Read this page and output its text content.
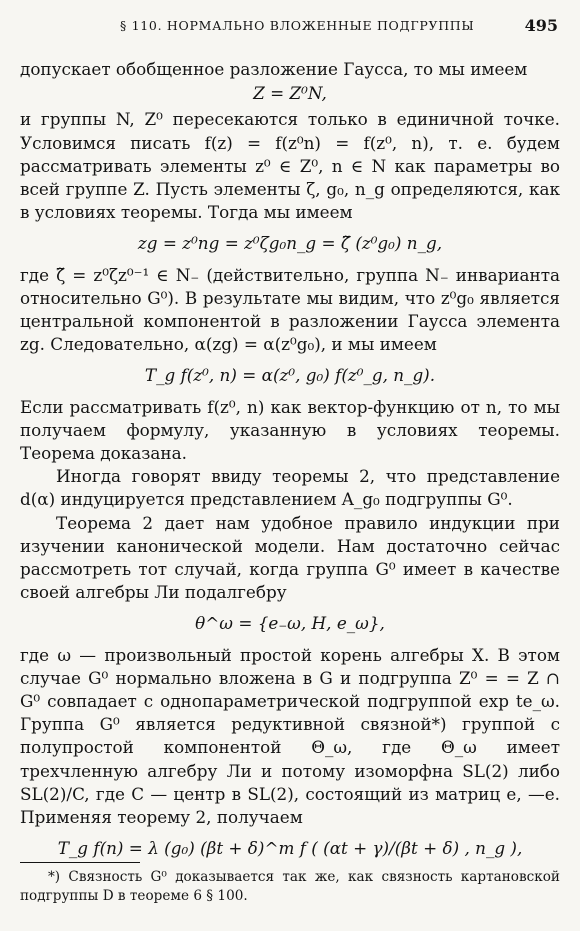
§ 110. НОРМАЛЬНО ВЛОЖЕННЫЕ ПОДГРУППЫ	495

допускает обобщенное разложение Гаусса, то мы имеем

Z = Z⁰N,

и группы N, Z⁰ пересекаются только в единичной точке. Условимся писать f(z) = f(z⁰n) = f(z⁰, n), т. е. будем рассматривать элементы z⁰ ∈ Z⁰, n ∈ N как параметры во всей группе Z. Пусть элементы ζ, g₀, n_g определяются, как в условиях теоремы. Тогда мы имеем

zg = z⁰ng = z⁰ζg₀n_g = ζ̃ (z⁰g₀) n_g,

где ζ̃ = z⁰ζz⁰⁻¹ ∈ N₋ (действительно, группа N₋ инварианта относительно G⁰). В результате мы видим, что z⁰g₀ является центральной компонентой в разложении Гаусса элемента zg. Следовательно, α(zg) = α(z⁰g₀), и мы имеем

T_g f(z⁰, n) = α(z⁰, g₀) f(z⁰_g, n_g).

Если рассматривать f(z⁰, n) как вектор-функцию от n, то мы получаем формулу, указанную в условиях теоремы. Теорема доказана.

Иногда говорят ввиду теоремы 2, что представление d(α) индуцируется представлением A_g₀ подгруппы G⁰.

Теорема 2 дает нам удобное правило индукции при изучении канонической модели. Нам достаточно сейчас рассмотреть тот случай, когда группа G⁰ имеет в качестве своей алгебры Ли подалгебру

θ^ω = {e₋ω, H, e_ω},

где ω — произвольный простой корень алгебры X. В этом случае G⁰ нормально вложена в G и подгруппа Z⁰ = = Z ∩ G⁰ совпадает с однопараметрической подгруппой exp te_ω. Группа G⁰ является редуктивной связной*) группой с полупростой компонентой Θ_ω, где Θ_ω имеет трехчленную алгебру Ли и потому изоморфна SL(2) либо SL(2)/C, где C — центр в SL(2), состоящий из матриц e, —e. Применяя теорему 2, получаем

T_g f(n) = λ (g₀) (βt + δ)^m f ( (αt + γ)/(βt + δ) , n_g ),
*) Связность G⁰ доказывается так же, как связность картановской подгруппы D в теореме 6 § 100.
